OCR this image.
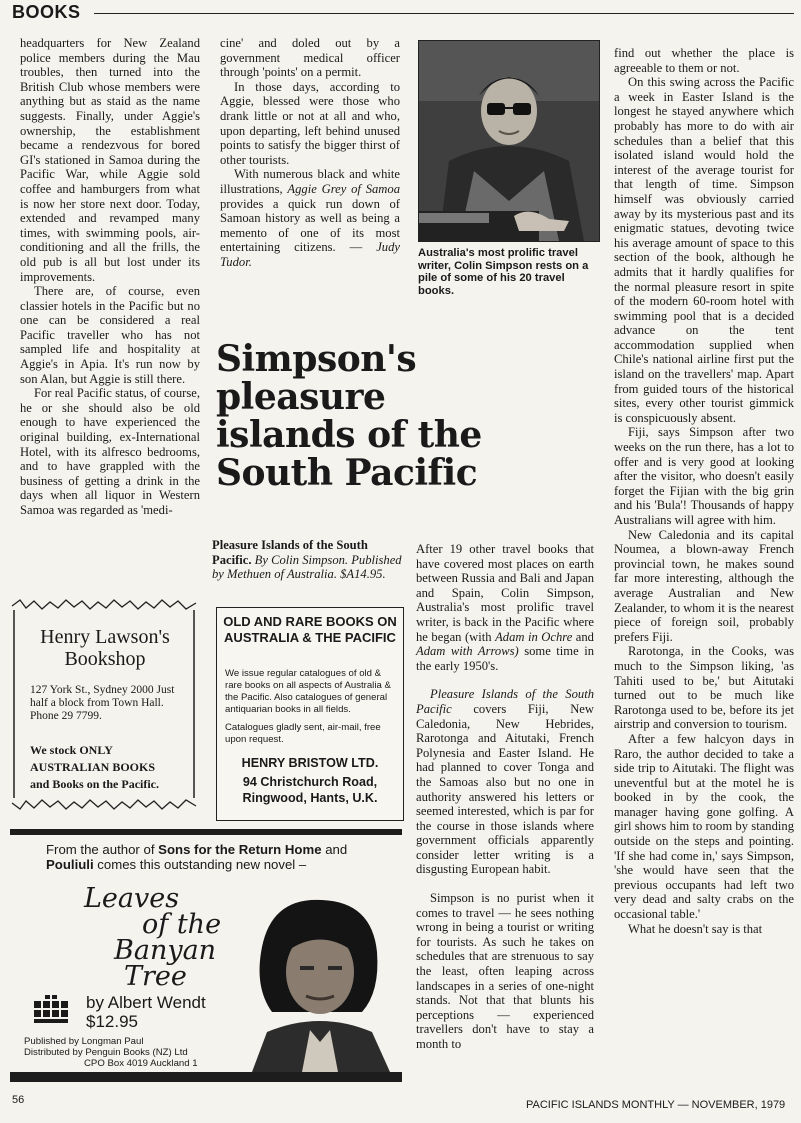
BOOKS

headquarters for New Zealand police members during the Mau troubles, then turned into the British Club whose members were anything but as staid as the name suggests. Finally, under Aggie's ownership, the establishment became a rendezvous for bored GI's stationed in Samoa during the Pacific War, while Aggie sold coffee and hamburgers from what is now her store next door. Today, extended and revamped many times, with swimming pools, air-conditioning and all the frills, the old pub is all but lost under its improvements.

There are, of course, even classier hotels in the Pacific but no one can be considered a real Pacific traveller who has not sampled life and hospitality at Aggie's in Apia. It's run now by son Alan, but Aggie is still there.

For real Pacific status, of course, he or she should also be old enough to have experienced the original building, ex-International Hotel, with its alfresco bedrooms, and to have grappled with the business of getting a drink in the days when all liquor in Western Samoa was regarded as 'medi-

cine' and doled out by a government medical officer through 'points' on a permit.

In those days, according to Aggie, blessed were those who drank little or not at all and who, upon departing, left behind unused points to satisfy the bigger thirst of other tourists.

With numerous black and white illustrations, Aggie Grey of Samoa provides a quick run down of Samoan history as well as being a memento of one of its most entertaining citizens. — Judy Tudor.

Australia's most prolific travel writer, Colin Simpson rests on a pile of some of his 20 travel books.
Simpson's
pleasure
islands of the
South Pacific
Pleasure Islands of the South Pacific. By Colin Simpson. Published by Methuen of Australia. $A14.95.
Henry Lawson's
Bookshop
127 York St., Sydney 2000 Just half a block from Town Hall. Phone 29 7799.
We stock ONLY
AUSTRALIAN BOOKS
and Books on the Pacific.
OLD AND RARE BOOKS ON AUSTRALIA & THE PACIFIC
We issue regular catalogues of old & rare books on all aspects of Australia & the Pacific. Also catalogues of general antiquarian books in all fields.
Catalogues gladly sent, air-mail, free upon request.
HENRY BRISTOW LTD.
94 Christchurch Road,
Ringwood, Hants, U.K.
From the author of Sons for the Return Home and Pouliuli comes this outstanding new novel –
Leaves
of the
Banyan
Tree
by Albert Wendt
$12.95
Published by Longman Paul
Distributed by Penguin Books (NZ) Ltd
CPO Box 4019 Auckland 1

After 19 other travel books that have covered most places on earth between Russia and Bali and Japan and Spain, Colin Simpson, Australia's most prolific travel writer, is back in the Pacific where he began (with Adam in Ochre and Adam with Arrows) some time in the early 1950's.

Pleasure Islands of the South Pacific covers Fiji, New Caledonia, New Hebrides, Rarotonga and Aitutaki, French Polynesia and Easter Island. He had planned to cover Tonga and the Samoas also but no one in authority answered his letters or seemed interested, which is par for the course in those islands where government officials apparently consider letter writing is a disgusting European habit.

Simpson is no purist when it comes to travel — he sees nothing wrong in being a tourist or writing for tourists. As such he takes on schedules that are strenuous to say the least, often leaping across landscapes in a series of one-night stands. Not that that blunts his perceptions — experienced travellers don't have to stay a month to

find out whether the place is agreeable to them or not.

On this swing across the Pacific a week in Easter Island is the longest he stayed anywhere which probably has more to do with air schedules than a belief that this isolated island would hold the interest of the average tourist for that length of time. Simpson himself was obviously carried away by its mysterious past and its enigmatic statues, devoting twice his average amount of space to this section of the book, although he admits that it hardly qualifies for the normal pleasure resort in spite of the modern 60-room hotel with swimming pool that is a decided advance on the tent accommodation supplied when Chile's national airline first put the island on the travellers' map. Apart from guided tours of the historical sites, every other tourist gimmick is conspicuously absent.

Fiji, says Simpson after two weeks on the run there, has a lot to offer and is very good at looking after the visitor, who doesn't easily forget the Fijian with the big grin and his 'Bula'! Thousands of happy Australians will agree with him.

New Caledonia and its capital Noumea, a blown-away French provincial town, he makes sound far more interesting, although the average Australian and New Zealander, to whom it is the nearest piece of foreign soil, probably prefers Fiji.

Rarotonga, in the Cooks, was much to the Simpson liking, 'as Tahiti used to be,' but Aitutaki turned out to be much like Rarotonga used to be, before its jet airstrip and conversion to tourism.

After a few halcyon days in Raro, the author decided to take a side trip to Aitutaki. The flight was uneventful but at the motel he is booked in by the cook, the manager having gone golfing. A girl shows him to room by standing outside on the steps and pointing. 'If she had come in,' says Simpson, 'she would have seen that the previous occupants had left two very dead and salty crabs on the occasional table.'

What he doesn't say is that

56	PACIFIC ISLANDS MONTHLY — NOVEMBER, 1979
